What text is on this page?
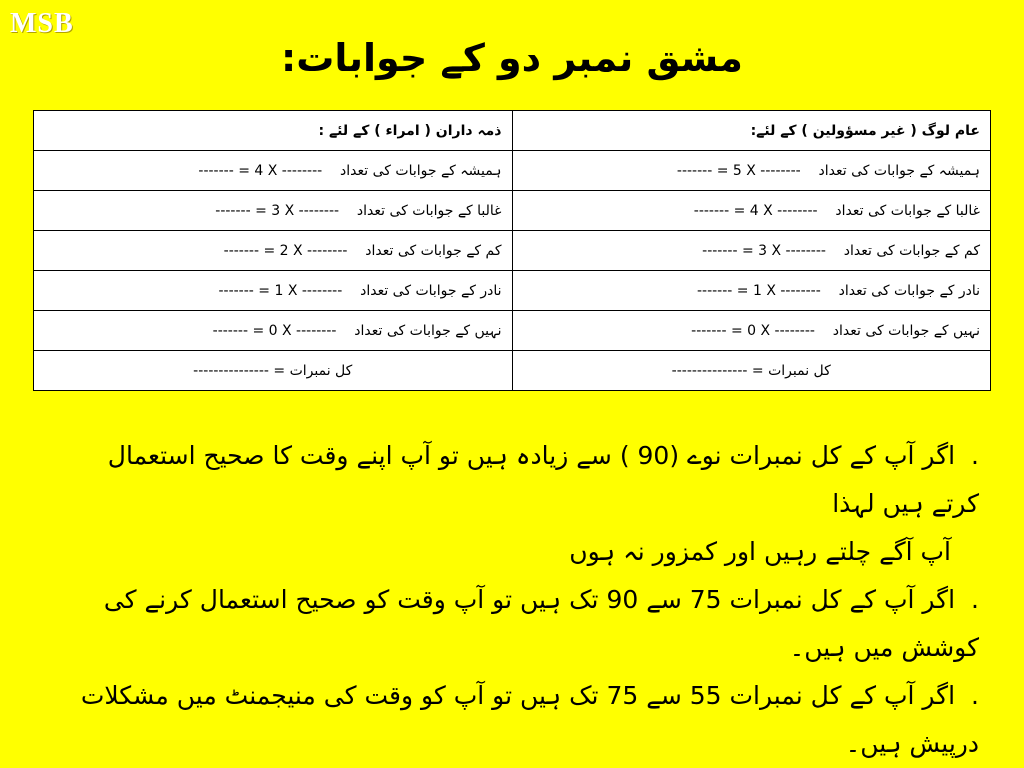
MSB
مشق نمبر دو کے جوابات:
عام لوگ ( غیر مسؤولین ) کے لئے:	ذمہ داران ( امراء ) کے لئے :
ہمیشہ کے جوابات کی تعداد    ------- = 5 X --------	ہمیشہ کے جوابات کی تعداد    ------- = 4 X --------
غالبا کے جوابات کی تعداد    ------- = 4 X --------	غالبا کے جوابات کی تعداد    ------- = 3 X --------
کم کے جوابات کی تعداد    ------- = 3 X --------	کم کے جوابات کی تعداد    ------- = 2 X --------
نادر کے جوابات کی تعداد    ------- = 1 X --------	نادر کے جوابات کی تعداد    ------- = 1 X --------
نہیں کے جوابات کی تعداد    ------- = 0 X --------	نہیں کے جوابات کی تعداد    ------- = 0 X --------
کل نمبرات = ---------------	کل نمبرات = ---------------

.اگر آپ کے کل نمبرات نوے (90 ) سے زیادہ ہیں تو آپ اپنے وقت کا صحیح استعمال

کرتے ہیں لہذا

آپ آگے چلتے رہیں اور کمزور نہ ہوں

.اگر آپ کے کل نمبرات 75 سے 90 تک ہیں تو آپ وقت کو صحیح استعمال کرنے کی

کوشش میں ہیں۔

.اگر آپ کے کل نمبرات 55 سے 75 تک ہیں تو آپ کو وقت کی منیجمنٹ میں مشکلات

درپیش ہیں۔
